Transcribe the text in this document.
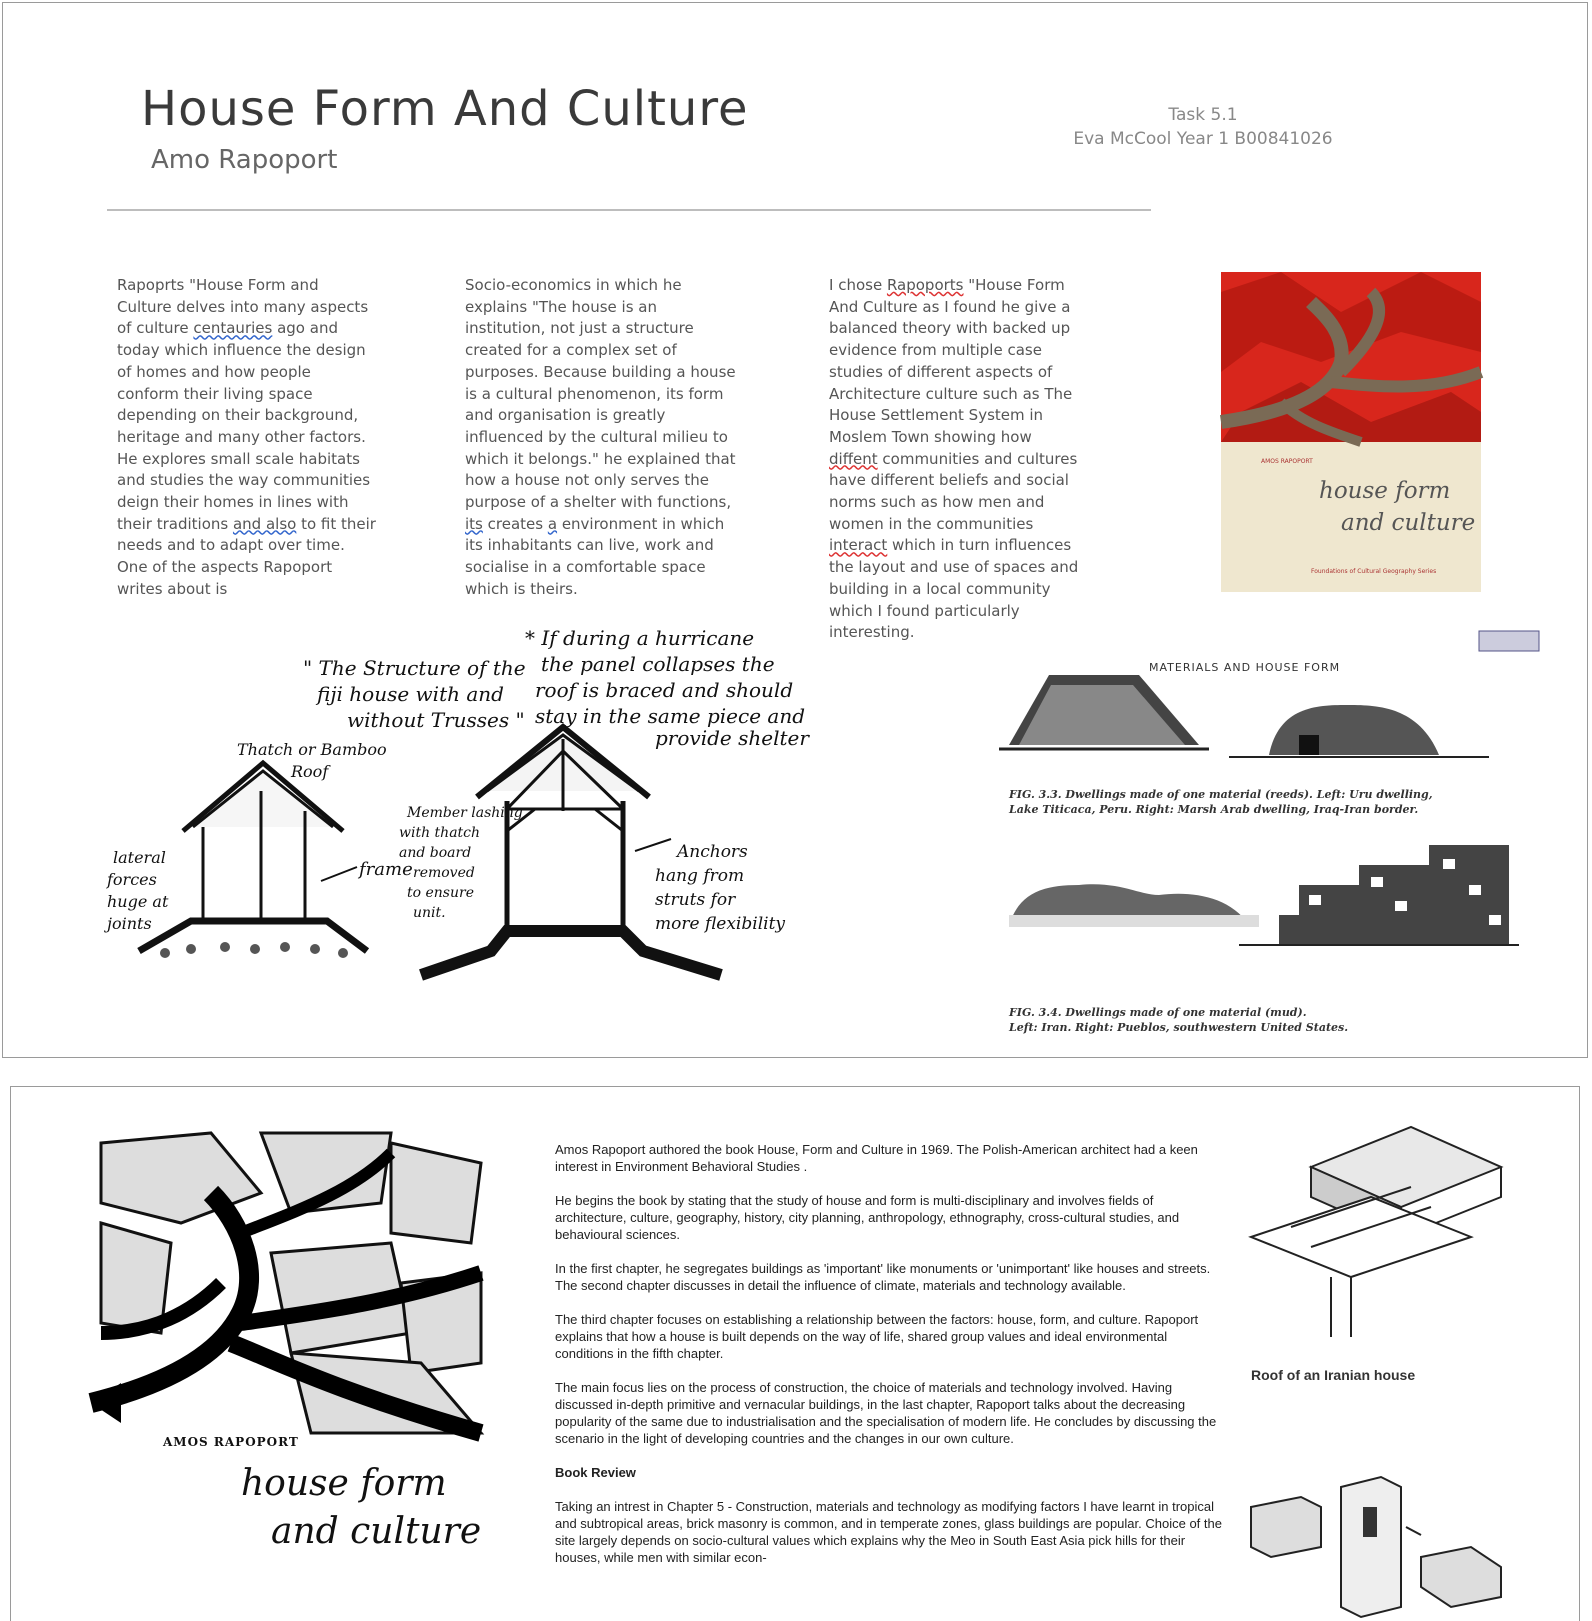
House Form And Culture
Amo Rapoport
Task 5.1
Eva McCool Year 1 B00841026
Rapoprts "House Form and
Culture delves into many aspects
of culture centauries ago and
today which influence the design
of homes and how people
conform their living space
depending on their background,
heritage and many other factors.
He explores small scale habitats
and studies the way communities
deign their homes in lines with
their traditions and also to fit their
needs and to adapt over time.
One of the aspects Rapoport
writes about is
Socio-economics in which he
explains "The house is an
institution, not just a structure
created for a complex set of
purposes. Because building a house
is a cultural phenomenon, its form
and organisation is greatly
influenced by the cultural milieu to
which it belongs." he explained that
how a house not only serves the
purpose of a shelter with functions,
its creates a environment in which
its inhabitants can live, work and
socialise in a comfortable space
which is theirs.
I chose Rapoports "House Form
And Culture as I found he give a
balanced theory with backed up
evidence from multiple case
studies of different aspects of
Architecture culture such as The
House Settlement System in
Moslem Town showing how
diffent communities and cultures
have different beliefs and social
norms such as how men and
women in the communities
interact which in turn influences
the layout and use of spaces and
building in a local community
which I found particularly
interesting.
AMOS RAPOPORT
house form
and culture
Foundations of Cultural Geography Series
" The Structure of the
fiji house with and
without Trusses "
* If during a hurricane
the panel collapses the
roof is braced and should
stay in the same piece and
provide shelter
Thatch or Bamboo
Roof
lateral
forces
huge at
joints
frame
Member lashing
with thatch
and board
removed
to ensure
unit.
Anchors
hang from
struts for
more flexibility
MATERIALS AND HOUSE FORM
FIG. 3.3. Dwellings made of one material (reeds). Left: Uru dwelling,
Lake Titicaca, Peru. Right: Marsh Arab dwelling, Iraq-Iran border.
FIG. 3.4. Dwellings made of one material (mud).
Left: Iran. Right: Pueblos, southwestern United States.
AMOS RAPOPORT
house form
and culture

Amos Rapoport authored the book House, Form and Culture in 1969. The Polish-American architect had a keen interest in Environment Behavioral Studies .

He begins the book by stating that the study of house and form is multi-disciplinary and involves fields of architecture, culture, geography, history, city planning, anthropology, ethnography, cross-cultural studies, and behavioural sciences.

In the first chapter, he segregates buildings as 'important' like monuments or 'unimportant' like houses and streets. The second chapter discusses in detail the influence of climate, materials and technology available.

The third chapter focuses on establishing a relationship between the factors: house, form, and culture. Rapoport explains that how a house is built depends on the way of life, shared group values and ideal environmental conditions in the fifth chapter.

The main focus lies on the process of construction, the choice of materials and technology involved. Having discussed in-depth primitive and vernacular buildings, in the last chapter, Rapoport talks about the decreasing popularity of the same due to industrialisation and the specialisation of modern life. He concludes by discussing the scenario in the light of developing countries and the changes in our own culture.

Book Review

Taking an intrest in Chapter 5 - Construction, materials and technology as modifying factors I have learnt in tropical and subtropical areas, brick masonry is common, and in temperate zones, glass buildings are popular. Choice of the site largely depends on socio-cultural values which explains why the Meo in South East Asia pick hills for their houses, while men with similar econ-

Roof of an Iranian house
